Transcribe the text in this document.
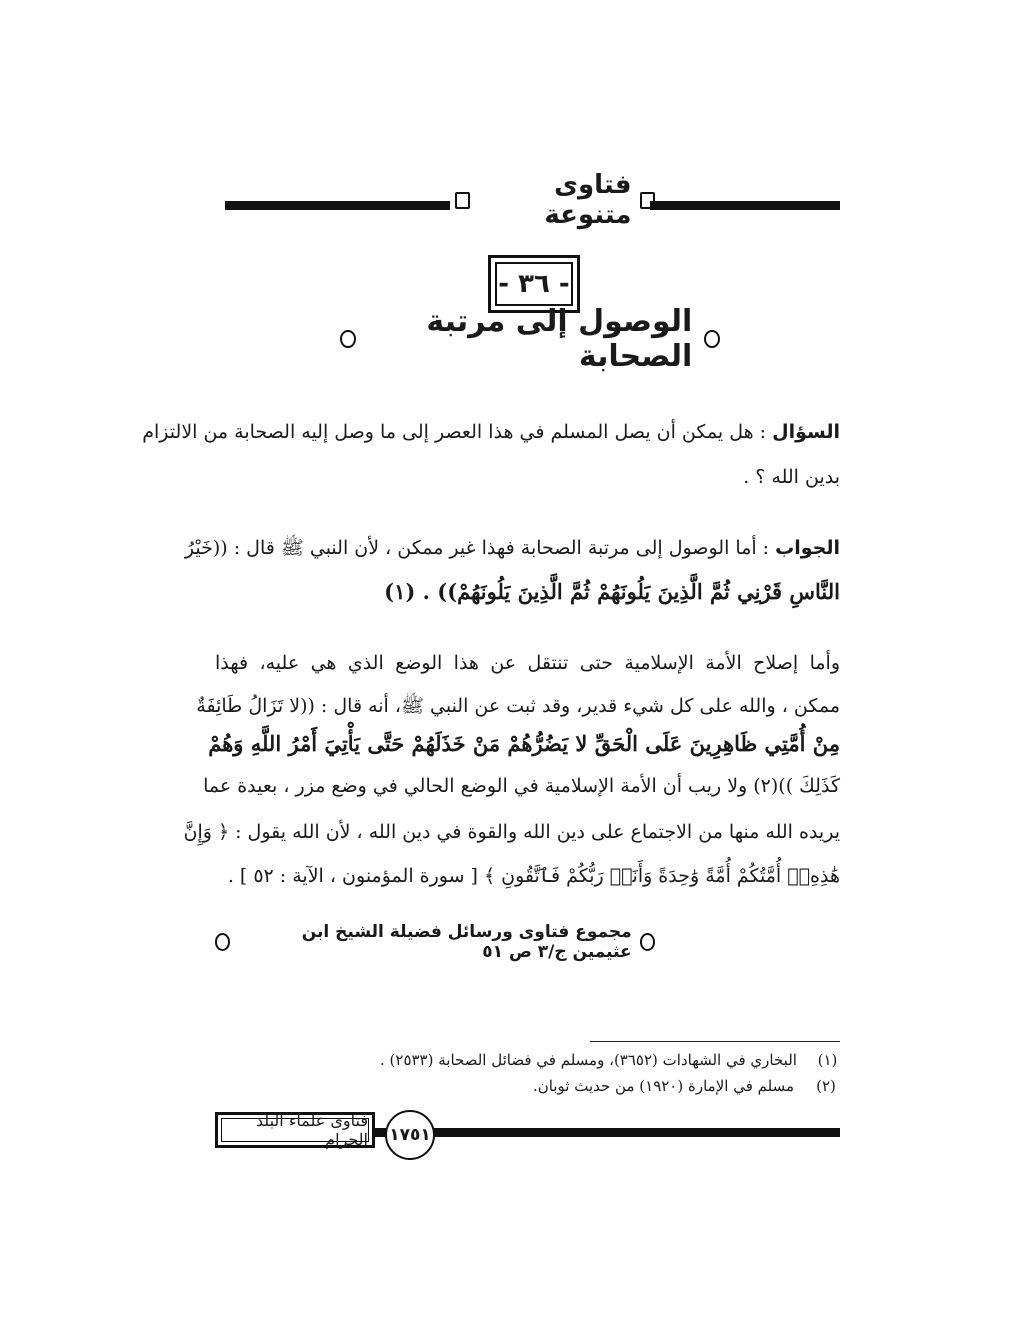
فتاوى متنوعة
- ٣٦ -
الوصول إلى مرتبة الصحابة
السؤال : هل يمكن أن يصل المسلم في هذا العصر إلى ما وصل إليه الصحابة من الالتزام
بدين الله ؟ .
الجواب : أما الوصول إلى مرتبة الصحابة فهذا غير ممكن ، لأن النبي ﷺ قال : ((خَيْرُ
النَّاسِ قَرْنِي ثُمَّ الَّذِينَ يَلُونَهُمْ ثُمَّ الَّذِينَ يَلُونَهُمْ)) . (١)
وأما إصلاح الأمة الإسلامية حتى تنتقل عن هذا الوضع الذي هي عليه، فهذا
ممكن ، والله على كل شيء قدير، وقد ثبت عن النبي ﷺ، أنه قال : ((لا تَزَالُ طَائِفَةٌ
مِنْ أُمَّتِي ظَاهِرِينَ عَلَى الْحَقِّ لا يَضُرُّهُمْ مَنْ خَذَلَهُمْ حَتَّى يَأْتِيَ أَمْرُ اللَّهِ وَهُمْ
كَذَلِكَ ))(٢) ولا ريب أن الأمة الإسلامية في الوضع الحالي في وضع مزر ، بعيدة عما
يريده الله منها من الاجتماع على دين الله والقوة في دين الله ، لأن الله يقول : ﴿ وَإِنَّ
هَٰذِهِۦٓ أُمَّتُكُمْ أُمَّةً وَٰحِدَةً وَأَنَا۠ رَبُّكُمْ فَٱتَّقُونِ ﴾ [ سورة المؤمنون ، الآية : ٥٢ ] .
مجموع فتاوى ورسائل فضيلة الشيخ ابن عثيمين ج/٣ ص ٥١
(١)
البخاري في الشهادات (٣٦٥٢)، ومسلم في فضائل الصحابة (٢٥٣٣) .
(٢)
مسلم في الإمارة (١٩٢٠) من حديث ثوبان.
١٧٥١
فتاوى علماء البلد الحرام
